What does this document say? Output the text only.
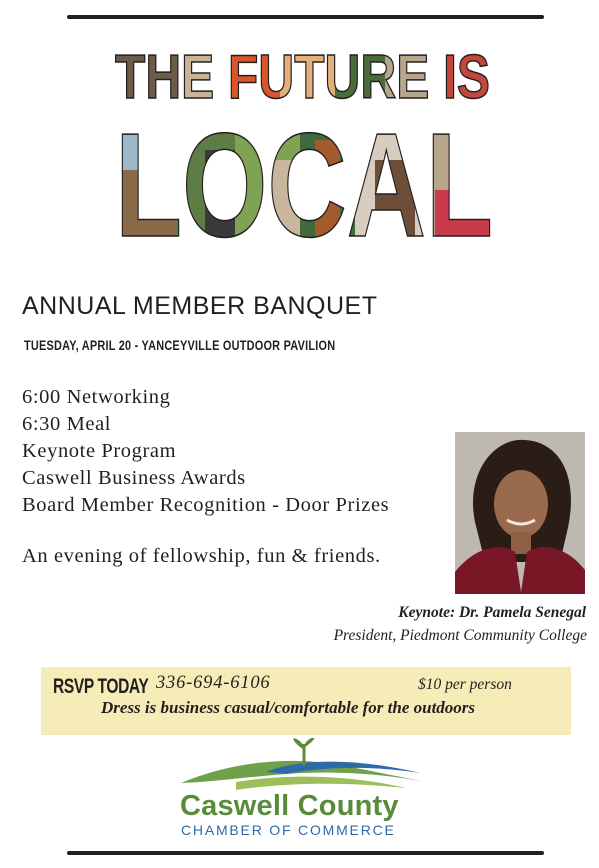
THE FUTURE IS
LOCAL
ANNUAL MEMBER BANQUET
TUESDAY, APRIL 20 - YANCEYVILLE OUTDOOR PAVILION
6:00 Networking
6:30 Meal
Keynote Program
Caswell Business Awards
Board Member Recognition - Door Prizes
An evening of fellowship, fun & friends.
Keynote: Dr. Pamela Senegal
President, Piedmont Community College
RSVP TODAY 336-694-6106	$10 per person
Dress is business casual/comfortable for the outdoors
Caswell County
CHAMBER OF COMMERCE
